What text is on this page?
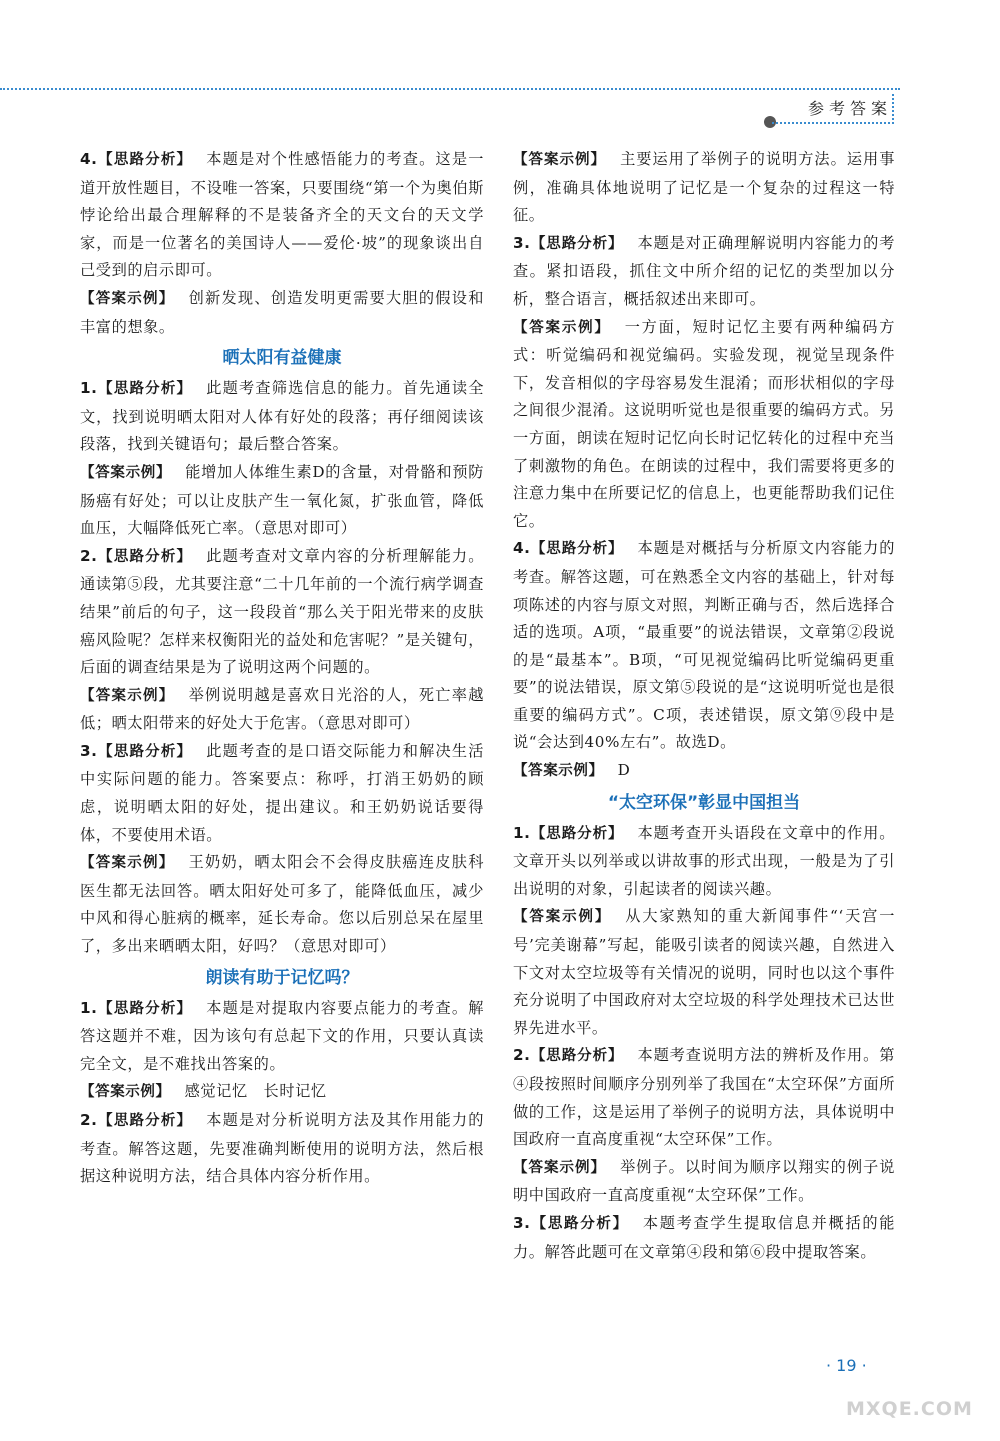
参考答案

4.【思路分析】 本题是对个性感悟能力的考查。这是一道开放性题目，不设唯一答案，只要围绕“第一个为奥伯斯悖论给出最合理解释的不是装备齐全的天文台的天文学家，而是一位著名的美国诗人——爱伦·坡”的现象谈出自己受到的启示即可。

【答案示例】 创新发现、创造发明更需要大胆的假设和丰富的想象。

晒太阳有益健康

1.【思路分析】 此题考查筛选信息的能力。首先通读全文，找到说明晒太阳对人体有好处的段落；再仔细阅读该段落，找到关键语句；最后整合答案。

【答案示例】 能增加人体维生素D的含量，对骨骼和预防肠癌有好处；可以让皮肤产生一氧化氮，扩张血管，降低血压，大幅降低死亡率。（意思对即可）

2.【思路分析】 此题考查对文章内容的分析理解能力。通读第⑤段，尤其要注意“二十几年前的一个流行病学调查结果”前后的句子，这一段段首“那么关于阳光带来的皮肤癌风险呢？怎样来权衡阳光的益处和危害呢？”是关键句，后面的调查结果是为了说明这两个问题的。

【答案示例】 举例说明越是喜欢日光浴的人，死亡率越低；晒太阳带来的好处大于危害。（意思对即可）

3.【思路分析】 此题考查的是口语交际能力和解决生活中实际问题的能力。答案要点：称呼，打消王奶奶的顾虑，说明晒太阳的好处，提出建议。和王奶奶说话要得体，不要使用术语。

【答案示例】 王奶奶，晒太阳会不会得皮肤癌连皮肤科医生都无法回答。晒太阳好处可多了，能降低血压，减少中风和得心脏病的概率，延长寿命。您以后别总呆在屋里了，多出来晒晒太阳，好吗？（意思对即可）

朗读有助于记忆吗？

1.【思路分析】 本题是对提取内容要点能力的考查。解答这题并不难，因为该句有总起下文的作用，只要认真读完全文，是不难找出答案的。

【答案示例】 感觉记忆　长时记忆

2.【思路分析】 本题是对分析说明方法及其作用能力的考查。解答这题，先要准确判断使用的说明方法，然后根据这种说明方法，结合具体内容分析作用。

【答案示例】 主要运用了举例子的说明方法。运用事例，准确具体地说明了记忆是一个复杂的过程这一特征。

3.【思路分析】 本题是对正确理解说明内容能力的考查。紧扣语段，抓住文中所介绍的记忆的类型加以分析，整合语言，概括叙述出来即可。

【答案示例】 一方面，短时记忆主要有两种编码方式：听觉编码和视觉编码。实验发现，视觉呈现条件下，发音相似的字母容易发生混淆；而形状相似的字母之间很少混淆。这说明听觉也是很重要的编码方式。另一方面，朗读在短时记忆向长时记忆转化的过程中充当了刺激物的角色。在朗读的过程中，我们需要将更多的注意力集中在所要记忆的信息上，也更能帮助我们记住它。

4.【思路分析】 本题是对概括与分析原文内容能力的考查。解答这题，可在熟悉全文内容的基础上，针对每项陈述的内容与原文对照，判断正确与否，然后选择合适的选项。A项，“最重要”的说法错误，文章第②段说的是“最基本”。B项，“可见视觉编码比听觉编码更重要”的说法错误，原文第⑤段说的是“这说明听觉也是很重要的编码方式”。C项，表述错误，原文第⑨段中是说“会达到40%左右”。故选D。

【答案示例】 D

“太空环保”彰显中国担当

1.【思路分析】 本题考查开头语段在文章中的作用。文章开头以列举或以讲故事的形式出现，一般是为了引出说明的对象，引起读者的阅读兴趣。

【答案示例】 从大家熟知的重大新闻事件“‘天宫一号’完美谢幕”写起，能吸引读者的阅读兴趣，自然进入下文对太空垃圾等有关情况的说明，同时也以这个事件充分说明了中国政府对太空垃圾的科学处理技术已达世界先进水平。

2.【思路分析】 本题考查说明方法的辨析及作用。第④段按照时间顺序分别列举了我国在“太空环保”方面所做的工作，这是运用了举例子的说明方法，具体说明中国政府一直高度重视“太空环保”工作。

【答案示例】 举例子。以时间为顺序以翔实的例子说明中国政府一直高度重视“太空环保”工作。

3.【思路分析】 本题考查学生提取信息并概括的能力。解答此题可在文章第④段和第⑥段中提取答案。

· 19 ·
MXQE.COM
